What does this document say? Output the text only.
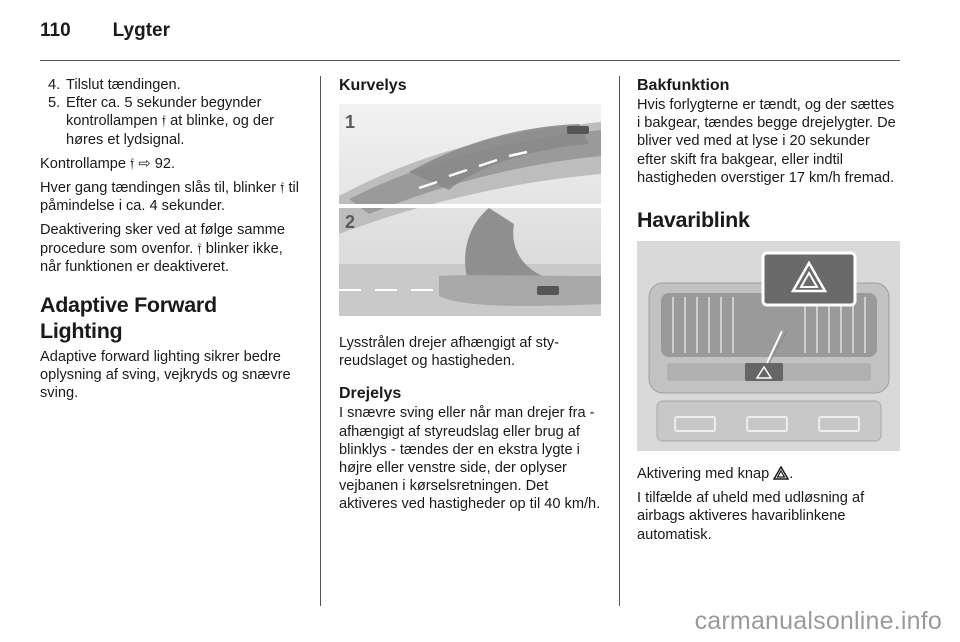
110 Lygter
4. Tilslut tændingen.
5. Efter ca. 5 sekunder begynder kontrollampen 𝔣 at blinke, og der høres et lydsignal.

Kontrollampe 𝔣 ⇨ 92.

Hver gang tændingen slås til, blinker 𝔣 til påmindelse i ca. 4 sekunder.

Deaktivering sker ved at følge samme procedure som ovenfor. 𝔣 blinker ikke, når funktionen er deaktiveret.

Adaptive Forward Lighting

Adaptive forward lighting sikrer bedre oplysning af sving, vejkryds og snævre sving.

Kurvelys
1
2

Lysstrålen drejer afhængigt af styreudslaget og hastigheden.

Drejelys

I snævre sving eller når man drejer fra - afhængigt af styreudslag eller brug af blinklys - tændes der en ekstra lygte i højre eller venstre side, der oplyser vejbanen i kørselsretningen. Det aktiveres ved hastigheder op til 40 km/h.

Bakfunktion

Hvis forlygterne er tændt, og der sættes i bakgear, tændes begge drejelygter. De bliver ved med at lyse i 20 sekunder efter skift fra bakgear, eller indtil hastigheden overstiger 17 km/h fremad.

Havariblink

Aktivering med knap .

I tilfælde af uheld med udløsning af airbags aktiveres havariblinkene automatisk.

carmanualsonline.info
